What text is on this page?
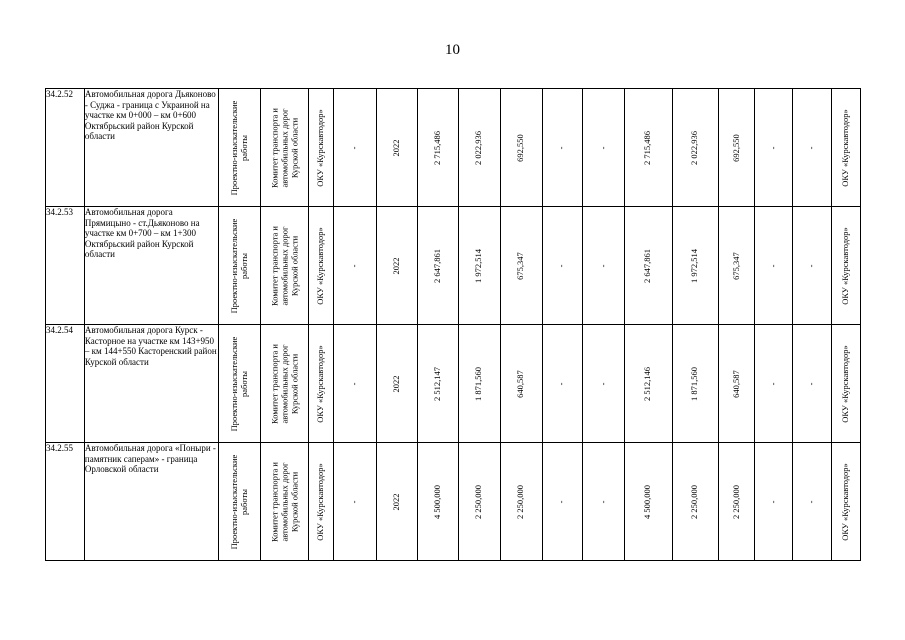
10
34.2.52	Автомобильная дорога Дьяконово - Суджа - граница с Украиной на участке км 0+000 – км 0+600 Октябрьский район Курской области	Проектно-изыскательские работы	Комитет транспорта и автомобильных дорог Курской области	ОКУ «Курскавтодор»	-	2022	2 715,486	2 022,936	692,550	-	-	2 715,486	2 022,936	692,550	-	-	ОКУ «Курскавтодор»

34.2.53	Автомобильная дорога Прямицыно - ст.Дьяконово на участке км 0+700 – км 1+300 Октябрьский район Курской области	Проектно-изыскательские работы	Комитет транспорта и автомобильных дорог Курской области	ОКУ «Курскавтодор»	-	2022	2 647,861	1 972,514	675,347	-	-	2 647,861	1 972,514	675,347	-	-	ОКУ «Курскавтодор»

34.2.54	Автомобильная дорога Курск - Касторное на участке км 143+950 – км 144+550 Касторенский район Курской области	Проектно-изыскательские работы	Комитет транспорта и автомобильных дорог Курской области	ОКУ «Курскавтодор»	-	2022	2 512,147	1 871,560	640,587	-	-	2 512,146	1 871,560	640,587	-	-	ОКУ «Курскавтодор»

34.2.55	Автомобильная дорога «Поныри - памятник саперам» - граница Орловской области	Проектно-изыскательские работы	Комитет транспорта и автомобильных дорог Курской области	ОКУ «Курскавтодор»	-	2022	4 500,000	2 250,000	2 250,000	-	-	4 500,000	2 250,000	2 250,000	-	-	ОКУ «Курскавтодор»
